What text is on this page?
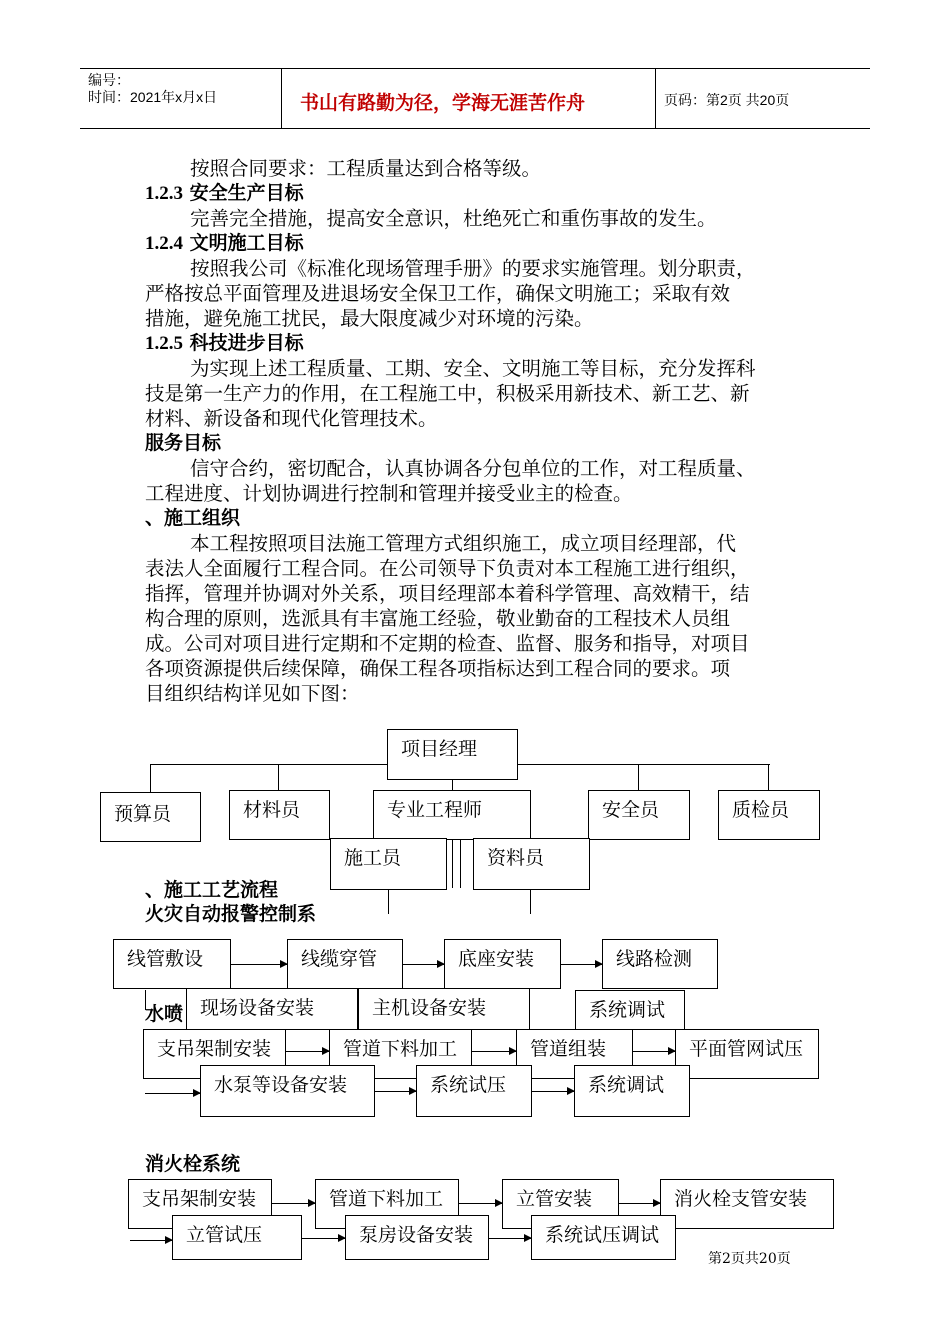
编号：
时间：2021年x月x日	书山有路勤为径，学海无涯苦作舟	页码：第2页 共20页
按照合同要求：工程质量达到合格等级。
1.2.3 安全生产目标
完善完全措施，提高安全意识，杜绝死亡和重伤事故的发生。
1.2.4 文明施工目标
按照我公司《标准化现场管理手册》的要求实施管理。划分职责，
严格按总平面管理及进退场安全保卫工作，确保文明施工；采取有效
措施，避免施工扰民，最大限度减少对环境的污染。
1.2.5 科技进步目标
为实现上述工程质量、工期、安全、文明施工等目标，充分发挥科
技是第一生产力的作用，在工程施工中，积极采用新技术、新工艺、新
材料、新设备和现代化管理技术。
服务目标
信守合约，密切配合，认真协调各分包单位的工作，对工程质量、
工程进度、计划协调进行控制和管理并接受业主的检查。
、施工组织
本工程按照项目法施工管理方式组织施工，成立项目经理部，代
表法人全面履行工程合同。在公司领导下负责对本工程施工进行组织，
指挥，管理并协调对外关系，项目经理部本着科学管理、高效精干，结
构合理的原则，选派具有丰富施工经验，敬业勤奋的工程技术人员组
成。公司对项目进行定期和不定期的检查、监督、服务和指导，对项目
各项资源提供后续保障，确保工程各项指标达到工程合同的要求。项
目组织结构详见如下图：
项目经理
预算员	材料员	专业工程师	安全员	质检员
施工员	资料员
、施工工艺流程
火灾自动报警控制系
线管敷设	线缆穿管	底座安装	线路检测
现场设备安装	主机设备安装	系统调试
水喷
支吊架制安装	管道下料加工	管道组装	平面管网试压
水泵等设备安装	系统试压	系统调试
消火栓系统
支吊架制安装	管道下料加工	立管安装	消火栓支管安装
立管试压	泵房设备安装	系统试压调试
第2页共20页
